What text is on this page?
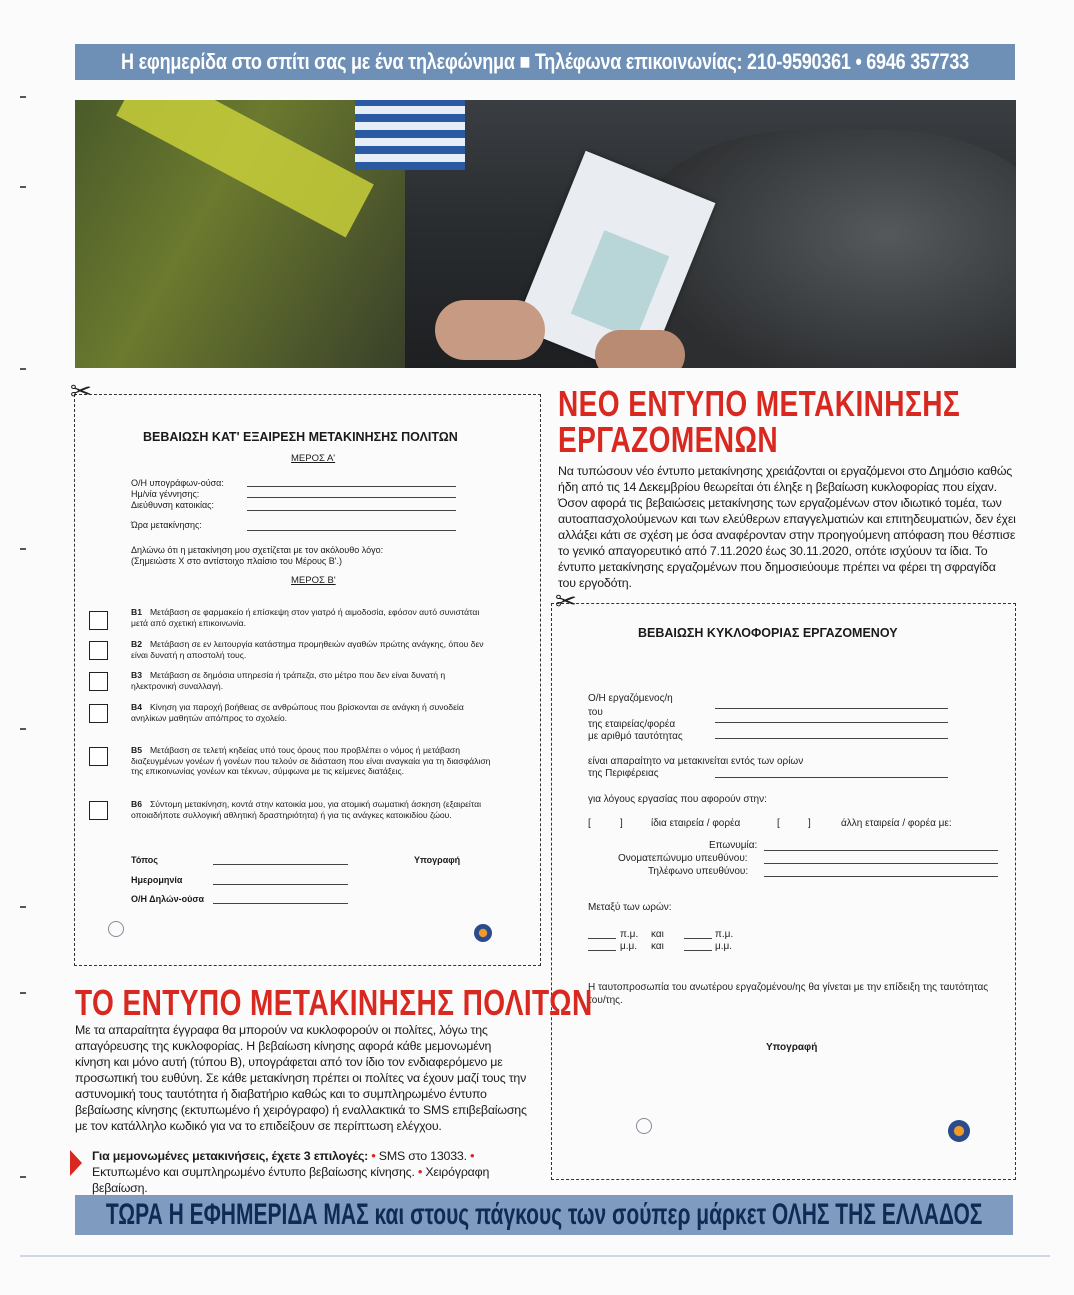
Η εφημερίδα στο σπίτι σας με ένα τηλεφώνημα ■ Τηλέφωνα επικοινωνίας: 210-9590361 • 6946 357733
✂
ΒΕΒΑΙΩΣΗ ΚΑΤ' ΕΞΑΙΡΕΣΗ ΜΕΤΑΚΙΝΗΣΗΣ ΠΟΛΙΤΩΝ
ΜΕΡΟΣ Α'
Ο/Η υπογράφων-ούσα:
Ημ/νία γέννησης:
Διεύθυνση κατοικίας:
Ώρα μετακίνησης:
Δηλώνω ότι η μετακίνηση μου σχετίζεται με τον ακόλουθο λόγο:
(Σημειώστε Χ στο αντίστοιχο πλαίσιο του Μέρους Β'.)
ΜΕΡΟΣ Β'
B1 Μετάβαση σε φαρμακείο ή επίσκεψη στον γιατρό ή αιμοδοσία, εφόσον αυτό συνιστάται μετά από σχετική επικοινωνία.
B2 Μετάβαση σε εν λειτουργία κατάστημα προμηθειών αγαθών πρώτης ανάγκης, όπου δεν είναι δυνατή η αποστολή τους.
B3 Μετάβαση σε δημόσια υπηρεσία ή τράπεζα, στο μέτρο που δεν είναι δυνατή η ηλεκτρονική συναλλαγή.
B4 Κίνηση για παροχή βοήθειας σε ανθρώπους που βρίσκονται σε ανάγκη ή συνοδεία ανηλίκων μαθητών από/προς το σχολείο.
B5 Μετάβαση σε τελετή κηδείας υπό τους όρους που προβλέπει ο νόμος ή μετάβαση διαζευγμένων γονέων ή γονέων που τελούν σε διάσταση που είναι αναγκαία για τη διασφάλιση της επικοινωνίας γονέων και τέκνων, σύμφωνα με τις κείμενες διατάξεις.
B6 Σύντομη μετακίνηση, κοντά στην κατοικία μου, για ατομική σωματική άσκηση (εξαιρείται οποιαδήποτε συλλογική αθλητική δραστηριότητα) ή για τις ανάγκες κατοικιδίου ζώου.
Τόπος
Ημερομηνία
Ο/Η Δηλών-ούσα
Υπογραφή
ΝΕΟ ΕΝΤΥΠΟ ΜΕΤΑΚΙΝΗΣΗΣ
ΕΡΓΑΖΟΜΕΝΩΝ
Να τυπώσουν νέο έντυπο μετακίνησης χρειάζονται οι εργαζόμενοι στο Δημόσιο καθώς ήδη από τις 14 Δεκεμβρίου θεωρείται ότι έληξε η βεβαίωση κυκλοφορίας που είχαν. Όσον αφορά τις βεβαιώσεις μετακίνησης των εργαζομένων στον ιδιωτικό τομέα, των αυτοαπασχολούμενων και των ελεύθερων επαγγελματιών και επιτηδευματιών, δεν έχει αλλάξει κάτι σε σχέση με όσα αναφέρονταν στην προηγούμενη απόφαση που θέσπισε το γενικό απαγορευτικό από 7.11.2020 έως 30.11.2020, οπότε ισχύουν τα ίδια. Το έντυπο μετακίνησης εργαζομένων που δημοσιεύουμε πρέπει να φέρει τη σφραγίδα του εργοδότη.
✂
ΒΕΒΑΙΩΣΗ ΚΥΚΛΟΦΟΡΙΑΣ ΕΡΓΑΖΟΜΕΝΟΥ
Ο/Η εργαζόμενος/η
του
της εταιρείας/φορέα
με αριθμό ταυτότητας
είναι απαραίτητο να μετακινείται εντός των ορίων
της Περιφέρειας
για λόγους εργασίας που αφορούν στην:
[	]	ίδια εταιρεία / φορέα	[	]	άλλη εταιρεία / φορέα με:
Επωνυμία:
Ονοματεπώνυμο υπευθύνου:
Τηλέφωνο υπευθύνου:
Μεταξύ των ωρών:
π.μ. και	π.μ.
μ.μ. και	μ.μ.
Η ταυτοπροσωπία του ανωτέρου εργαζομένου/ης θα γίνεται με την επίδειξη της ταυτότητας του/της.
Υπογραφή
ΤΟ ΕΝΤΥΠΟ ΜΕΤΑΚΙΝΗΣΗΣ ΠΟΛΙΤΩΝ
Με τα απαραίτητα έγγραφα θα μπορούν να κυκλοφορούν οι πολίτες, λόγω της απαγόρευσης της κυκλοφορίας. Η βεβαίωση κίνησης αφορά κάθε μεμονωμένη κίνηση και μόνο αυτή (τύπου Β), υπογράφεται από τον ίδιο τον ενδιαφερόμενο με προσωπική του ευθύνη. Σε κάθε μετακίνηση πρέπει οι πολίτες να έχουν μαζί τους την αστυνομική τους ταυτότητα ή διαβατήριο καθώς και το συμπληρωμένο έντυπο βεβαίωσης κίνησης (εκτυπωμένο ή χειρόγραφο) ή εναλλακτικά το SMS επιβεβαίωσης με τον κατάλληλο κωδικό για να το επιδείξουν σε περίπτωση ελέγχου.
Για μεμονωμένες μετακινήσεις, έχετε 3 επιλογές: • SMS στο 13033. • Εκτυπωμένο και συμπληρωμένο έντυπο βεβαίωσης κίνησης. • Χειρόγραφη βεβαίωση.
ΤΩΡΑ Η ΕΦΗΜΕΡΙΔΑ ΜΑΣ και στους πάγκους των σούπερ μάρκετ ΟΛΗΣ ΤΗΣ ΕΛΛΑΔΟΣ
